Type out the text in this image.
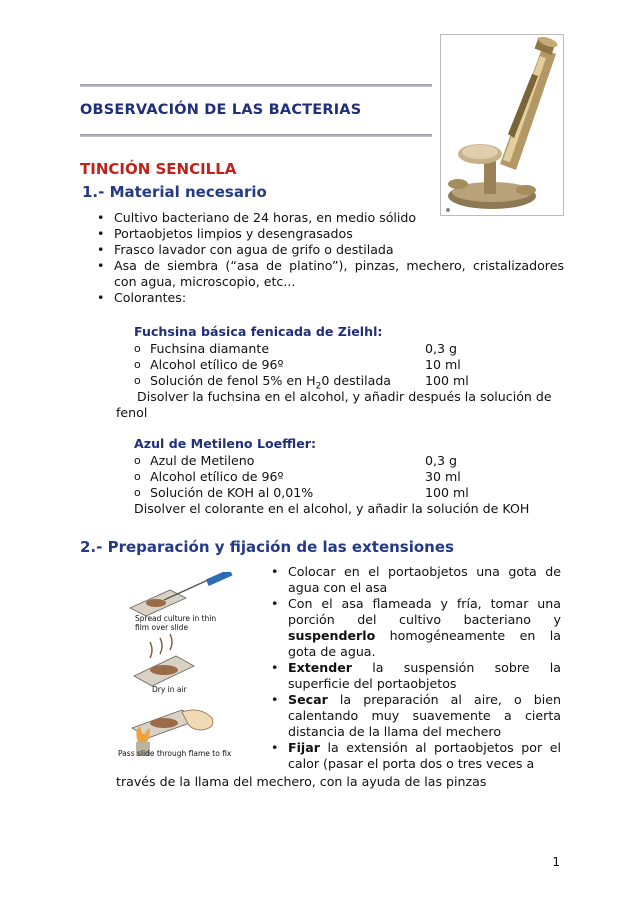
OBSERVACIÓN DE LAS BACTERIAS
TINCIÓN SENCILLA
1.- Material necesario
• Cultivo bacteriano de 24 horas, en medio sólido
• Portaobjetos limpios y desengrasados
• Frasco lavador con agua de grifo o destilada
• Asa de siembra (“asa de platino”), pinzas, mechero, cristalizadores con agua, microscopio, etc...
• Colorantes:
Fuchsina básica fenicada de Zielhl:
o Fuchsina diamante	0,3 g
o Alcohol etílico de 96º	10 ml
o Solución de fenol 5% en $H_20$ destilada	100 ml
Disolver la fuchsina en el alcohol, y añadir después la solución de
fenol
Azul de Metileno Loeffler:
o Azul de Metileno	0,3 g
o Alcohol etílico de 96º	30 ml
o Solución de KOH al 0,01%	100 ml
Disolver el colorante en el alcohol, y añadir la solución de KOH
2.- Preparación y fijación de las extensiones
Spread culture in thin
film over slide
Dry in air
Pass slide through flame to fix
• Colocar en el portaobjetos una gota de agua con el asa
• Con el asa flameada y fría, tomar una porción del cultivo bacteriano y suspenderlo homogéneamente en la gota de agua.
• Extender la suspensión sobre la superficie del portaobjetos
• Secar la preparación al aire, o bien calentando muy suavemente a cierta distancia de la llama del mechero
• Fijar la extensión al portaobjetos por el calor (pasar el porta dos o tres veces a
través de la llama del mechero, con la ayuda de las pinzas
1
